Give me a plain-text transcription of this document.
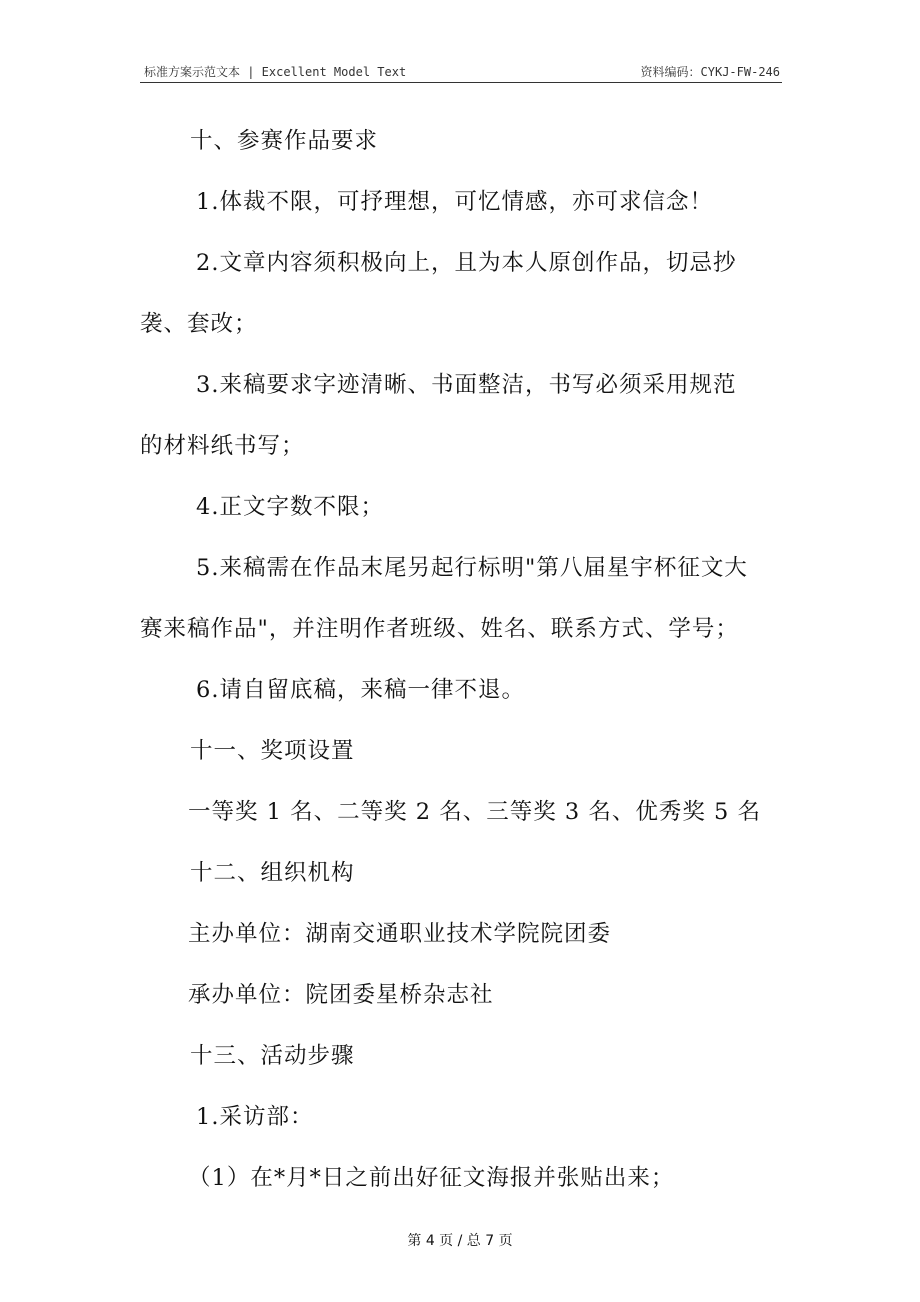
标准方案示范文本 | Excellent Model Text	资料编码：CYKJ-FW-246
十、参赛作品要求
1.体裁不限，可抒理想，可忆情感，亦可求信念！
2.文章内容须积极向上，且为本人原创作品，切忌抄
袭、套改；
3.来稿要求字迹清晰、书面整洁，书写必须采用规范
的材料纸书写；
4.正文字数不限；
5.来稿需在作品末尾另起行标明"第八届星宇杯征文大
赛来稿作品"，并注明作者班级、姓名、联系方式、学号；
6.请自留底稿，来稿一律不退。
十一、奖项设置
一等奖 1 名、二等奖 2 名、三等奖 3 名、优秀奖 5 名
十二、组织机构
主办单位：湖南交通职业技术学院院团委
承办单位：院团委星桥杂志社
十三、活动步骤
1.采访部：
（1）在*月*日之前出好征文海报并张贴出来；
第 4 页 / 总 7 页
